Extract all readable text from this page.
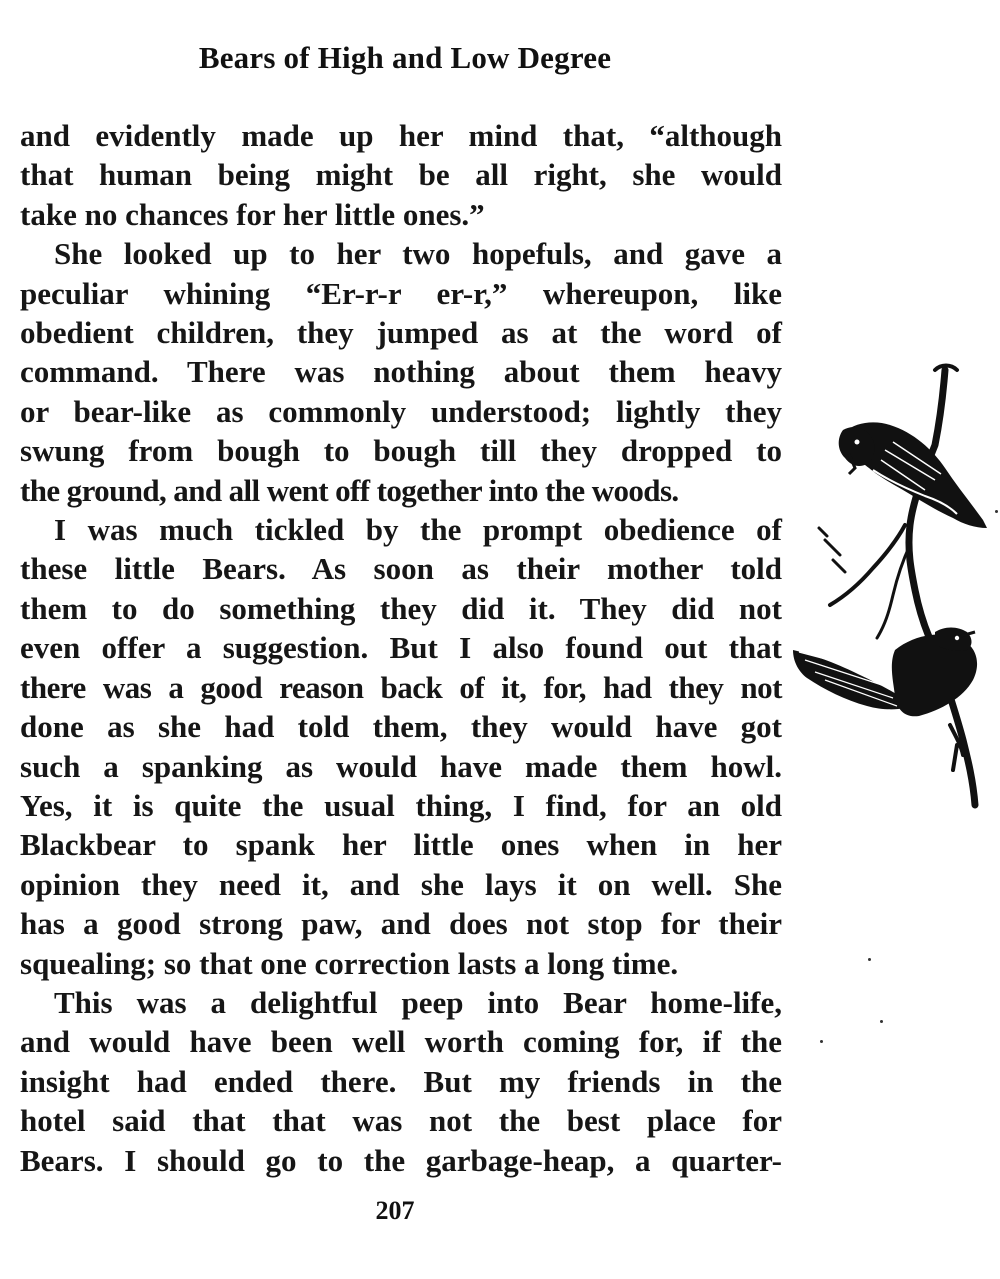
Bears of High and Low Degree
and evidently made up her mind that, “although
that human being might be all right, she would
take no chances for her little ones.”
She looked up to her two hopefuls, and gave a
peculiar whining “Er-r-r er-r,” whereupon, like
obedient children, they jumped as at the word of
command. There was nothing about them heavy
or bear-like as commonly understood; lightly they
swung from bough to bough till they dropped to
the ground, and all went off together into the woods.
I was much tickled by the prompt obedience of
these little Bears. As soon as their mother told
them to do something they did it. They did not
even offer a suggestion. But I also found out that
there was a good reason back of it, for, had they not
done as she had told them, they would have got
such a spanking as would have made them howl.
Yes, it is quite the usual thing, I find, for an old
Blackbear to spank her little ones when in her
opinion they need it, and she lays it on well. She
has a good strong paw, and does not stop for their
squealing; so that one correction lasts a long time.
This was a delightful peep into Bear home-life,
and would have been well worth coming for, if the
insight had ended there. But my friends in the
hotel said that that was not the best place for
Bears. I should go to the garbage-heap, a quarter-
207
